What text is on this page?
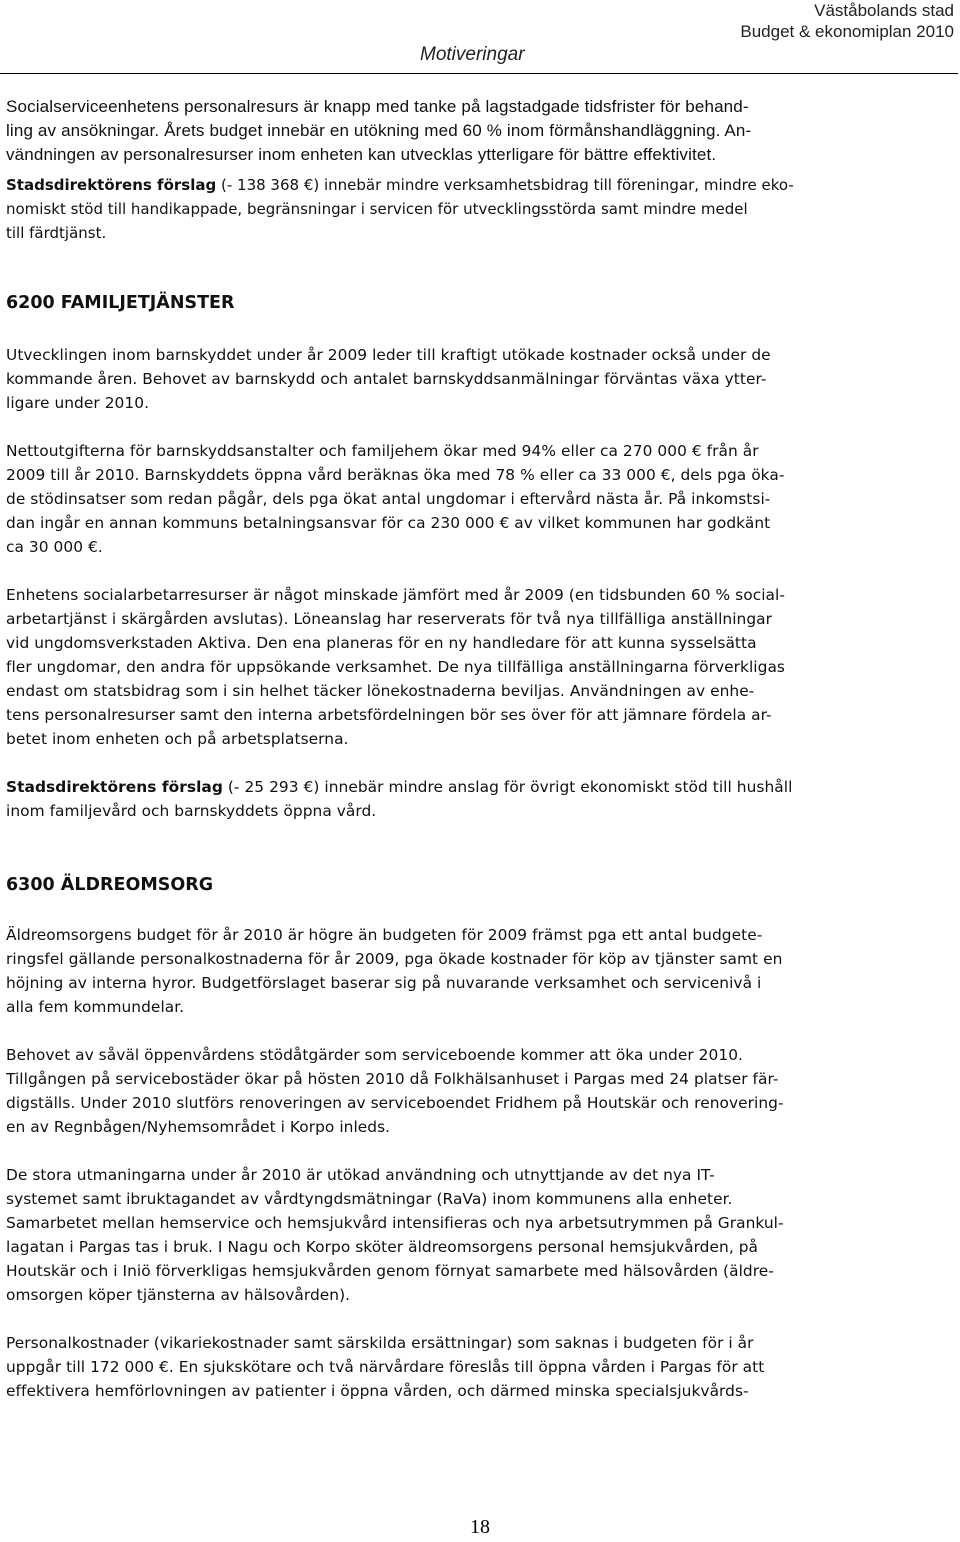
Väståbolands stad
Budget & ekonomiplan 2010
Motiveringar

Socialserviceenhetens personalresurs är knapp med tanke på lagstadgade tidsfrister för behand-
ling av ansökningar. Årets budget innebär en utökning med 60 % inom förmånshandläggning. An-
vändningen av personalresurser inom enheten kan utvecklas ytterligare för bättre effektivitet.

Stadsdirektörens förslag (- 138 368 €) innebär mindre verksamhetsbidrag till föreningar, mindre eko-
nomiskt stöd till handikappade, begränsningar i servicen för utvecklingsstörda samt mindre medel
till färdtjänst.

6200 FAMILJETJÄNSTER

Utvecklingen inom barnskyddet under år 2009 leder till kraftigt utökade kostnader också under de
kommande åren. Behovet av barnskydd och antalet barnskyddsanmälningar förväntas växa ytter-
ligare under 2010.

Nettoutgifterna för barnskyddsanstalter och familjehem ökar med 94% eller ca 270 000 € från år
2009 till år 2010. Barnskyddets öppna vård beräknas öka med 78 % eller ca 33 000 €, dels pga öka-
de stödinsatser som redan pågår, dels pga ökat antal ungdomar i eftervård nästa år. På inkomstsi-
dan ingår en annan kommuns betalningsansvar för ca 230 000 € av vilket kommunen har godkänt
ca 30 000 €.

Enhetens socialarbetarresurser är något minskade jämfört med år 2009 (en tidsbunden 60 % social-
arbetartjänst i skärgården avslutas). Löneanslag har reserverats för två nya tillfälliga anställningar
vid ungdomsverkstaden Aktiva. Den ena planeras för en ny handledare för att kunna sysselsätta
fler ungdomar, den andra för uppsökande verksamhet. De nya tillfälliga anställningarna förverkligas
endast om statsbidrag som i sin helhet täcker lönekostnaderna beviljas. Användningen av enhe-
tens personalresurser samt den interna arbetsfördelningen bör ses över för att jämnare fördela ar-
betet inom enheten och på arbetsplatserna.

Stadsdirektörens förslag (- 25 293 €) innebär mindre anslag för övrigt ekonomiskt stöd till hushåll
inom familjevård och barnskyddets öppna vård.

6300 ÄLDREOMSORG

Äldreomsorgens budget för år 2010 är högre än budgeten för 2009 främst pga ett antal budgete-
ringsfel gällande personalkostnaderna för år 2009, pga ökade kostnader för köp av tjänster samt en
höjning av interna hyror. Budgetförslaget baserar sig på nuvarande verksamhet och servicenivå i
alla fem kommundelar.

Behovet av såväl öppenvårdens stödåtgärder som serviceboende kommer att öka under 2010.
Tillgången på servicebostäder ökar på hösten 2010 då Folkhälsanhuset i Pargas med 24 platser fär-
digställs. Under 2010 slutförs renoveringen av serviceboendet Fridhem på Houtskär och renovering-
en av Regnbågen/Nyhemsområdet i Korpo inleds.

De stora utmaningarna under år 2010 är utökad användning och utnyttjande av det nya IT-
systemet samt ibruktagandet av vårdtyngdsmätningar (RaVa) inom kommunens alla enheter.
Samarbetet mellan hemservice och hemsjukvård intensifieras och nya arbetsutrymmen på Grankul-
lagatan i Pargas tas i bruk. I Nagu och Korpo sköter äldreomsorgens personal hemsjukvården, på
Houtskär och i Iniö förverkligas hemsjukvården genom förnyat samarbete med hälsovården (äldre-
omsorgen köper tjänsterna av hälsovården).

Personalkostnader (vikariekostnader samt särskilda ersättningar) som saknas i budgeten för i år
uppgår till 172 000 €. En sjukskötare och två närvårdare föreslås till öppna vården i Pargas för att
effektivera hemförlovningen av patienter i öppna vården, och därmed minska specialsjukvårds-

18
